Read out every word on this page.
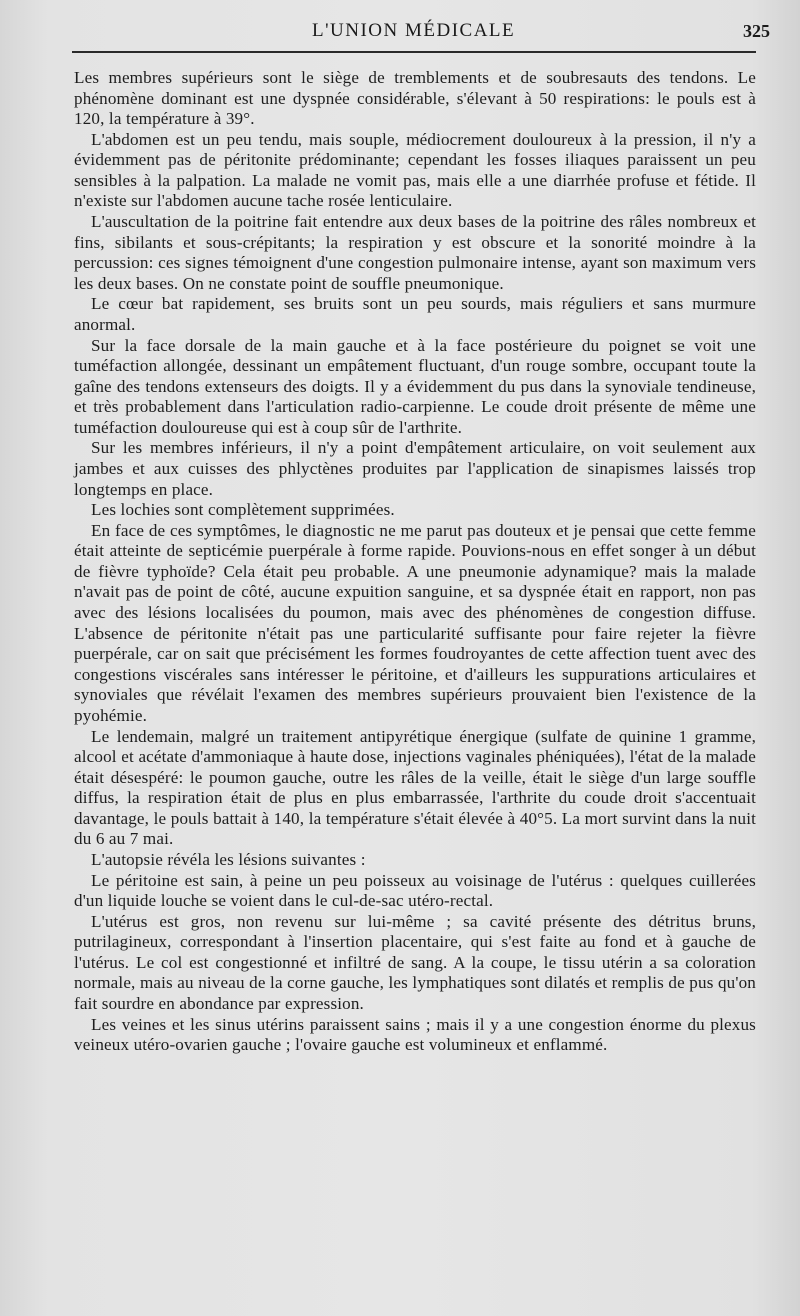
L'UNION MÉDICALE	325

Les membres supérieurs sont le siège de tremblements et de soubresauts des tendons. Le phénomène dominant est une dyspnée considérable, s'élevant à 50 respirations: le pouls est à 120, la température à 39°.

L'abdomen est un peu tendu, mais souple, médiocrement douloureux à la pression, il n'y a évidemment pas de péritonite prédominante; cependant les fosses iliaques paraissent un peu sensibles à la palpation. La malade ne vomit pas, mais elle a une diarrhée profuse et fétide. Il n'existe sur l'abdomen aucune tache rosée lenticulaire.

L'auscultation de la poitrine fait entendre aux deux bases de la poitrine des râles nombreux et fins, sibilants et sous-crépitants; la respiration y est obscure et la sonorité moindre à la percussion: ces signes témoignent d'une congestion pulmonaire intense, ayant son maximum vers les deux bases. On ne constate point de souffle pneumonique.

Le cœur bat rapidement, ses bruits sont un peu sourds, mais réguliers et sans murmure anormal.

Sur la face dorsale de la main gauche et à la face postérieure du poignet se voit une tuméfaction allongée, dessinant un empâtement fluctuant, d'un rouge sombre, occupant toute la gaîne des tendons extenseurs des doigts. Il y a évidemment du pus dans la synoviale tendineuse, et très probablement dans l'articulation radio-carpienne. Le coude droit présente de même une tuméfaction douloureuse qui est à coup sûr de l'arthrite.

Sur les membres inférieurs, il n'y a point d'empâtement articulaire, on voit seulement aux jambes et aux cuisses des phlyctènes produites par l'application de sinapismes laissés trop longtemps en place.

Les lochies sont complètement supprimées.

En face de ces symptômes, le diagnostic ne me parut pas douteux et je pensai que cette femme était atteinte de septicémie puerpérale à forme rapide. Pouvions-nous en effet songer à un début de fièvre typhoïde? Cela était peu probable. A une pneumonie adynamique? mais la malade n'avait pas de point de côté, aucune expuition sanguine, et sa dyspnée était en rapport, non pas avec des lésions localisées du poumon, mais avec des phénomènes de congestion diffuse. L'absence de péritonite n'était pas une particularité suffisante pour faire rejeter la fièvre puerpérale, car on sait que précisément les formes foudroyantes de cette affection tuent avec des congestions viscérales sans intéresser le péritoine, et d'ailleurs les suppurations articulaires et synoviales que révélait l'examen des membres supérieurs prouvaient bien l'existence de la pyohémie.

Le lendemain, malgré un traitement antipyrétique énergique (sulfate de quinine 1 gramme, alcool et acétate d'ammoniaque à haute dose, injections vaginales phéniquées), l'état de la malade était désespéré: le poumon gauche, outre les râles de la veille, était le siège d'un large souffle diffus, la respiration était de plus en plus embarrassée, l'arthrite du coude droit s'accentuait davantage, le pouls battait à 140, la température s'était élevée à 40°5. La mort survint dans la nuit du 6 au 7 mai.

L'autopsie révéla les lésions suivantes :

Le péritoine est sain, à peine un peu poisseux au voisinage de l'utérus : quelques cuillerées d'un liquide louche se voient dans le cul-de-sac utéro-rectal.

L'utérus est gros, non revenu sur lui-même ; sa cavité présente des détritus bruns, putrilagineux, correspondant à l'insertion placentaire, qui s'est faite au fond et à gauche de l'utérus. Le col est congestionné et infiltré de sang. A la coupe, le tissu utérin a sa coloration normale, mais au niveau de la corne gauche, les lymphatiques sont dilatés et remplis de pus qu'on fait sourdre en abondance par expression.

Les veines et les sinus utérins paraissent sains ; mais il y a une congestion énorme du plexus veineux utéro-ovarien gauche ; l'ovaire gauche est volumineux et enflammé.
